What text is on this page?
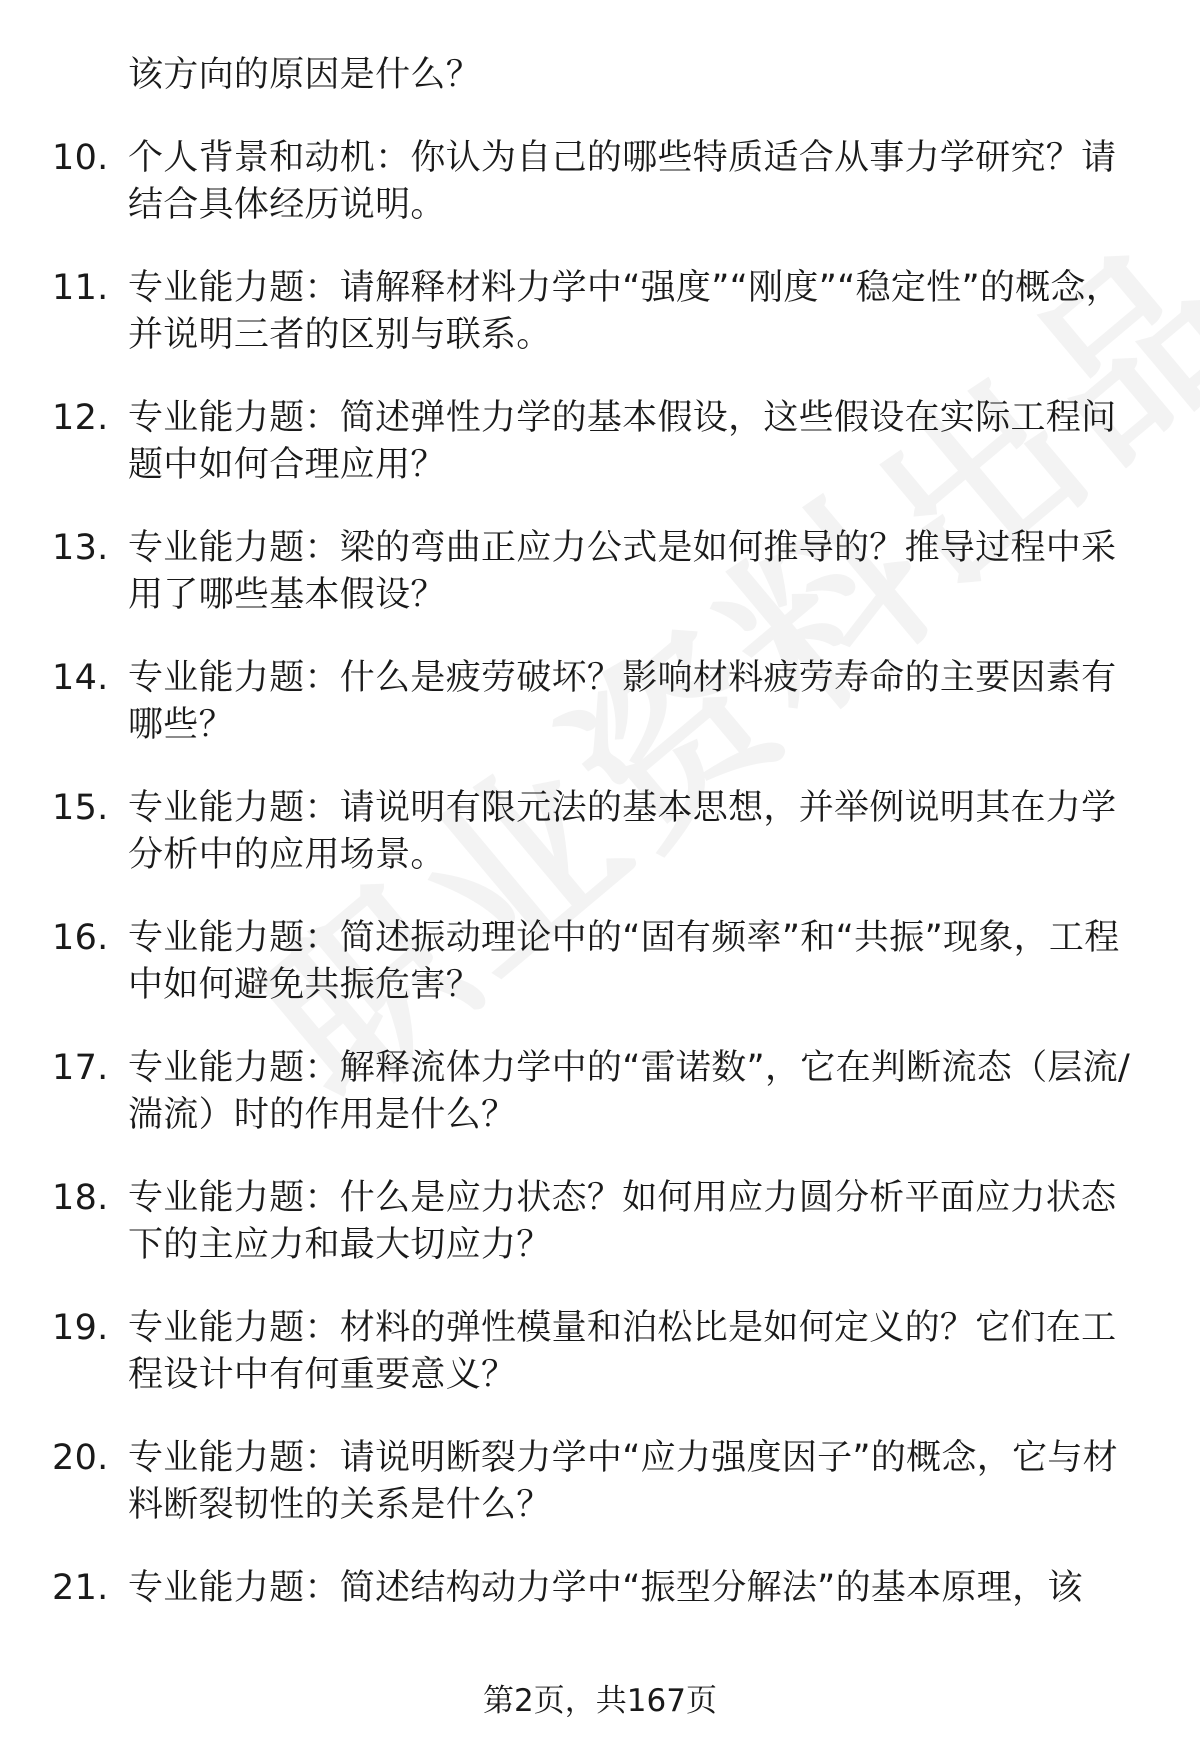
该方向的原因是什么？
10. 个人背景和动机：你认为自己的哪些特质适合从事力学研究？请结合具体经历说明。
11. 专业能力题：请解释材料力学中“强度”“刚度”“稳定性”的概念，并说明三者的区别与联系。
12. 专业能力题：简述弹性力学的基本假设，这些假设在实际工程问题中如何合理应用？
13. 专业能力题：梁的弯曲正应力公式是如何推导的？推导过程中采用了哪些基本假设？
14. 专业能力题：什么是疲劳破坏？影响材料疲劳寿命的主要因素有哪些？
15. 专业能力题：请说明有限元法的基本思想，并举例说明其在力学分析中的应用场景。
16. 专业能力题：简述振动理论中的“固有频率”和“共振”现象，工程中如何避免共振危害？
17. 专业能力题：解释流体力学中的“雷诺数”，它在判断流态（层流/湍流）时的作用是什么？
18. 专业能力题：什么是应力状态？如何用应力圆分析平面应力状态下的主应力和最大切应力？
19. 专业能力题：材料的弹性模量和泊松比是如何定义的？它们在工程设计中有何重要意义？
20. 专业能力题：请说明断裂力学中“应力强度因子”的概念，它与材料断裂韧性的关系是什么？
21. 专业能力题：简述结构动力学中“振型分解法”的基本原理，该
第2页，共167页
